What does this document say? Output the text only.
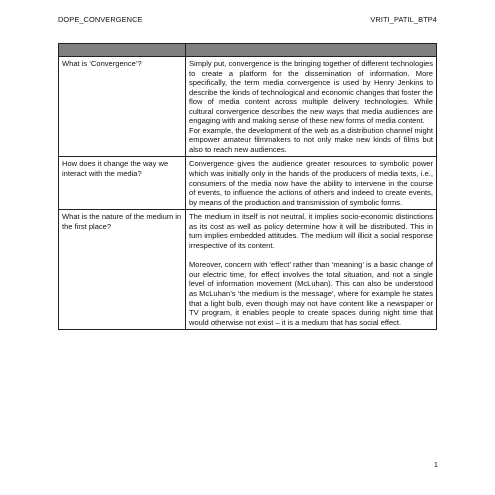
DOPE_CONVERGENCE	VRITI_PATIL_BTP4

What is ‘Convergence’?	Simply put, convergence is the bringing together of different technologies to create a platform for the dissemination of information. More specifically, the term media convergence is used by Henry Jenkins to describe the kinds of technological and economic changes that foster the flow of media content across multiple delivery technologies. While cultural convergence describes the new ways that media audiences are engaging with and making sense of these new forms of media content.
For example, the development of the web as a distribution channel might empower amateur filmmakers to not only make new kinds of films but also to reach new audiences.

How does it change the way we interact with the media?	Convergence gives the audience greater resources to symbolic power which was initially only in the hands of the producers of media texts, i.e., consumers of the media now have the ability to intervene in the course of events, to influence the actions of others and indeed to create events, by means of the production and transmission of symbolic forms.

What is the nature of the medium in the first place?	The medium in itself is not neutral, it implies socio-economic distinctions as its cost as well as policy determine how it will be distributed. This in turn implies embedded attitudes. The medium will illicit a social response irrespective of its content.
Moreover, concern with ‘effect’ rather than ‘meaning’ is a basic change of our electric time, for effect involves the total situation, and not a single level of information movement (McLuhan). This can also be understood as McLuhan’s ‘the medium is the message’, where for example he states that a light bulb, even though may not have content like a newspaper or TV program, it enables people to create spaces during night time that would otherwise not exist – it is a medium that has social effect.
1
